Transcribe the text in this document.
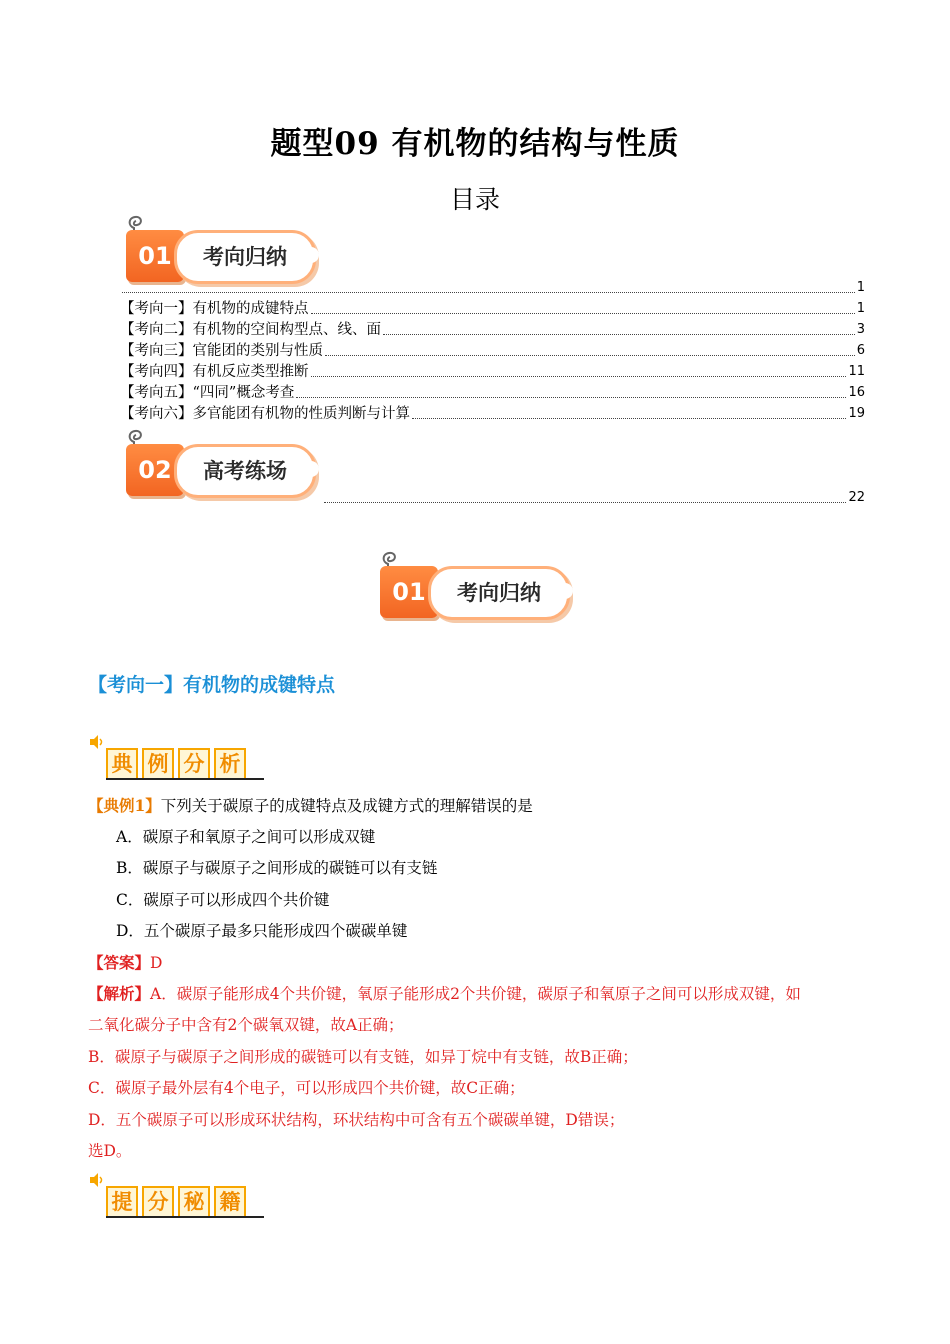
题型09 有机物的结构与性质
目录
01	考向归纳
1
【考向一】有机物的成键特点	1
【考向二】有机物的空间构型点、线、面	3
【考向三】官能团的类别与性质	6
【考向四】有机反应类型推断	11
【考向五】“四同”概念考查	16
【考向六】多官能团有机物的性质判断与计算	19
02	高考练场
22
01	考向归纳
【考向一】有机物的成键特点
典 例 分 析
【典例1】下列关于碳原子的成键特点及成键方式的理解错误的是
A．碳原子和氧原子之间可以形成双键
B．碳原子与碳原子之间形成的碳链可以有支链
C．碳原子可以形成四个共价键
D．五个碳原子最多只能形成四个碳碳单键
【答案】D
【解析】A．碳原子能形成4个共价键，氧原子能形成2个共价键，碳原子和氧原子之间可以形成双键，如
二氧化碳分子中含有2个碳氧双键，故A正确；
B．碳原子与碳原子之间形成的碳链可以有支链，如异丁烷中有支链，故B正确；
C．碳原子最外层有4个电子，可以形成四个共价键，故C正确；
D．五个碳原子可以形成环状结构，环状结构中可含有五个碳碳单键，D错误；
选D。
提 分 秘 籍
